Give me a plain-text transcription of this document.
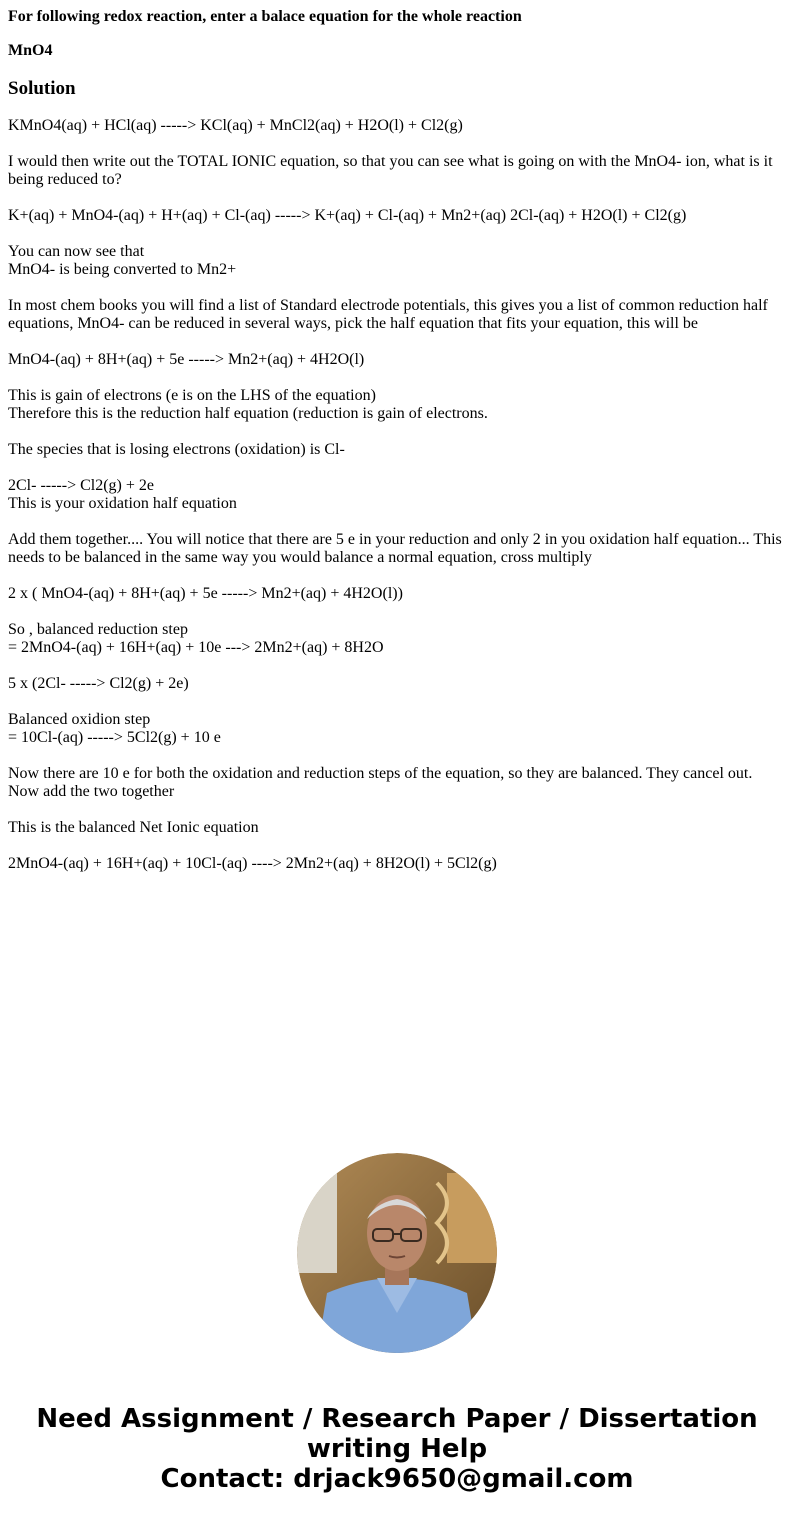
For following redox reaction, enter a balace equation for the whole reaction
MnO4
Solution
KMnO4(aq) + HCl(aq) -----> KCl(aq) + MnCl2(aq) + H2O(l) + Cl2(g)
I would then write out the TOTAL IONIC equation, so that you can see what is going on with the MnO4- ion, what is it being reduced to?
K+(aq) + MnO4-(aq) + H+(aq) + Cl-(aq) -----> K+(aq) + Cl-(aq) + Mn2+(aq) 2Cl-(aq) + H2O(l) + Cl2(g)
You can now see that
MnO4- is being converted to Mn2+
In most chem books you will find a list of Standard electrode potentials, this gives you a list of common reduction half equations, MnO4- can be reduced in several ways, pick the half equation that fits your equation, this will be
MnO4-(aq) + 8H+(aq) + 5e -----> Mn2+(aq) + 4H2O(l)
This is gain of electrons (e is on the LHS of the equation)
Therefore this is the reduction half equation (reduction is gain of electrons.
The species that is losing electrons (oxidation) is Cl-
2Cl- -----> Cl2(g) + 2e
This is your oxidation half equation
Add them together.... You will notice that there are 5 e in your reduction and only 2 in you oxidation half equation... This needs to be balanced in the same way you would balance a normal equation, cross multiply
2 x ( MnO4-(aq) + 8H+(aq) + 5e -----> Mn2+(aq) + 4H2O(l))
So , balanced reduction step
= 2MnO4-(aq) + 16H+(aq) + 10e ---> 2Mn2+(aq) + 8H2O
5 x (2Cl- -----> Cl2(g) + 2e)
Balanced oxidion step
= 10Cl-(aq) -----> 5Cl2(g) + 10 e
Now there are 10 e for both the oxidation and reduction steps of the equation, so they are balanced. They cancel out. Now add the two together
This is the balanced Net Ionic equation
2MnO4-(aq) + 16H+(aq) + 10Cl-(aq) ----> 2Mn2+(aq) + 8H2O(l) + 5Cl2(g)
Need Assignment / Research Paper / Dissertation
writing Help
Contact: drjack9650@gmail.com
